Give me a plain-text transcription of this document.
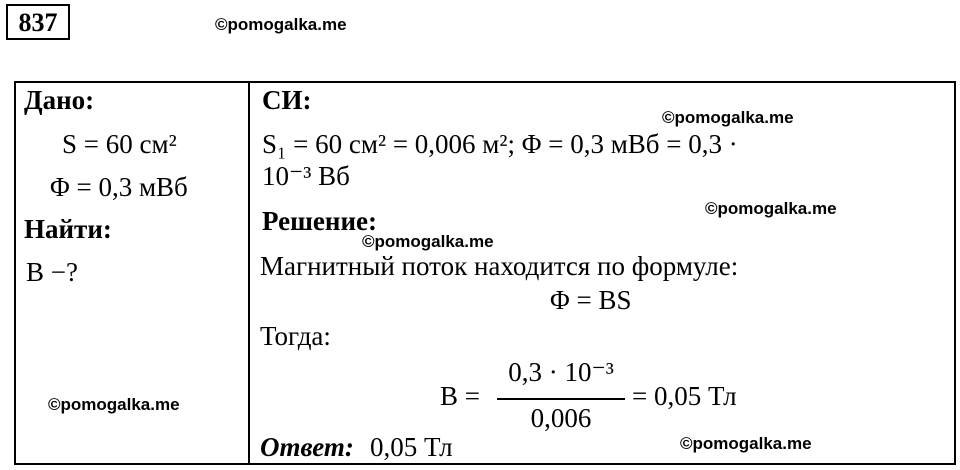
837	©pomogalka.me
Дано:
S = 60 см²
Φ = 0,3 мВб
Найти:
B −?
СИ:
S₁ = 60 см² = 0,006 м²; Φ = 0,3 мВб = 0,3 ·
10⁻³ Вб
Решение:
Магнитный поток находится по формуле:
Φ = BS
Тогда:
B =
0,3 · 10⁻³
0,006
= 0,05 Тл
Ответ: 0,05 Тл
©pomogalka.me
©pomogalka.me
©pomogalka.me
©pomogalka.me
©pomogalka.me
